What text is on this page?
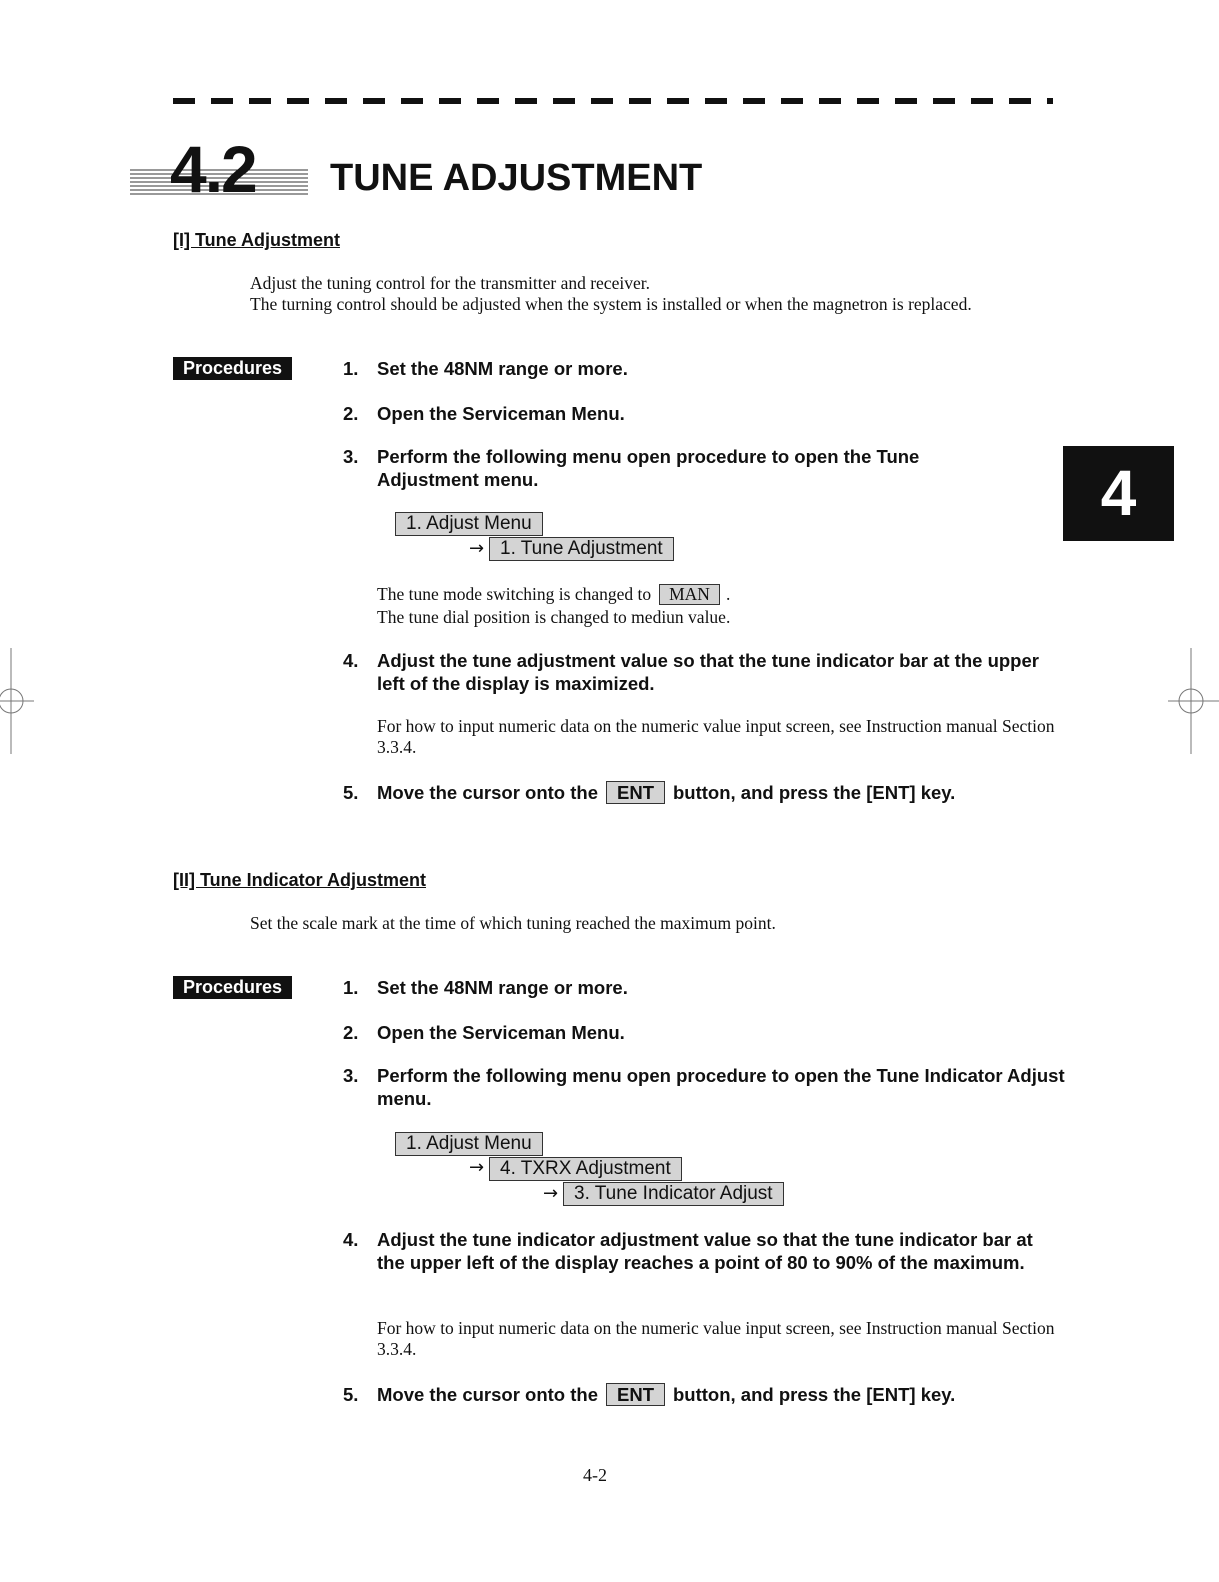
4.2 TUNE ADJUSTMENT
4
[I] Tune Adjustment
Adjust the tuning control for the transmitter and receiver.
The turning control should be adjusted when the system is installed or when the magnetron is replaced.
Procedures	1.	Set the 48NM range or more.
2.	Open the Serviceman Menu.
3.	Perform the following menu open procedure to open the Tune Adjustment menu.
1. Adjust Menu
→ 1. Tune Adjustment
The tune mode switching is changed to MAN .
The tune dial position is changed to mediun value.
4.	Adjust the tune adjustment value so that the tune indicator bar at the upper left of the display is maximized.
For how to input numeric data on the numeric value input screen, see Instruction manual Section 3.3.4.
5.	Move the cursor onto the ENT button, and press the [ENT] key.
[II] Tune Indicator Adjustment
Set the scale mark at the time of which tuning reached the maximum point.
Procedures	1.	Set the 48NM range or more.
2.	Open the Serviceman Menu.
3.	Perform the following menu open procedure to open the Tune Indicator Adjust menu.
1. Adjust Menu
→ 4. TXRX Adjustment
→ 3. Tune Indicator Adjust
4.	Adjust the tune indicator adjustment value so that the tune indicator bar at the upper left of the display reaches a point of 80 to 90% of the maximum.
For how to input numeric data on the numeric value input screen, see Instruction manual Section 3.3.4.
5.	Move the cursor onto the ENT button, and press the [ENT] key.
4-2
